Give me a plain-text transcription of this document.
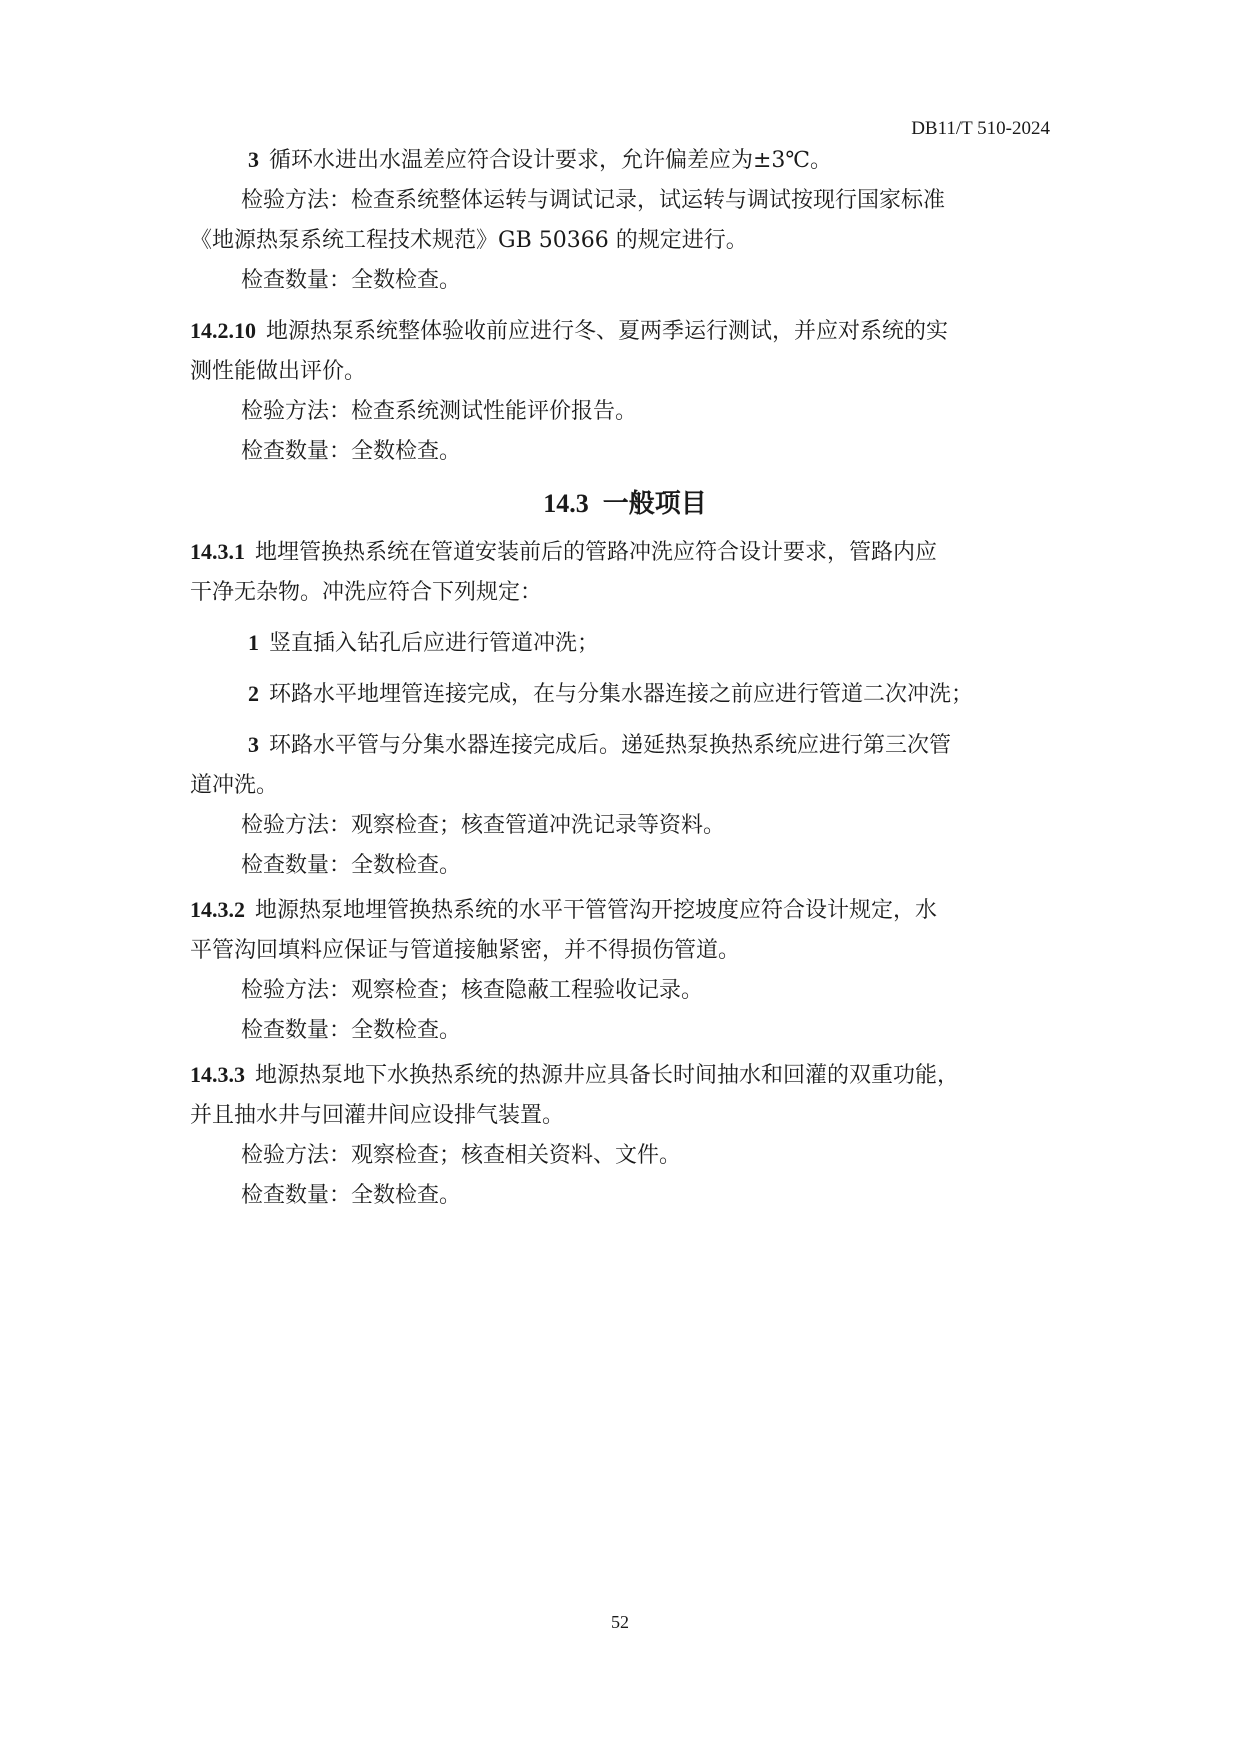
DB11/T 510-2024

3 循环水进出水温差应符合设计要求，允许偏差应为±3℃。

检验方法：检查系统整体运转与调试记录，试运转与调试按现行国家标准

《地源热泵系统工程技术规范》GB 50366 的规定进行。

检查数量：全数检查。

14.2.10 地源热泵系统整体验收前应进行冬、夏两季运行测试，并应对系统的实

测性能做出评价。

检验方法：检查系统测试性能评价报告。

检查数量：全数检查。

14.3 一般项目

14.3.1 地埋管换热系统在管道安装前后的管路冲洗应符合设计要求，管路内应

干净无杂物。冲洗应符合下列规定：

1 竖直插入钻孔后应进行管道冲洗；

2 环路水平地埋管连接完成，在与分集水器连接之前应进行管道二次冲洗；

3 环路水平管与分集水器连接完成后。递延热泵换热系统应进行第三次管

道冲洗。

检验方法：观察检查；核查管道冲洗记录等资料。

检查数量：全数检查。

14.3.2 地源热泵地埋管换热系统的水平干管管沟开挖坡度应符合设计规定，水

平管沟回填料应保证与管道接触紧密，并不得损伤管道。

检验方法：观察检查；核查隐蔽工程验收记录。

检查数量：全数检查。

14.3.3 地源热泵地下水换热系统的热源井应具备长时间抽水和回灌的双重功能，

并且抽水井与回灌井间应设排气装置。

检验方法：观察检查；核查相关资料、文件。

检查数量：全数检查。

52
